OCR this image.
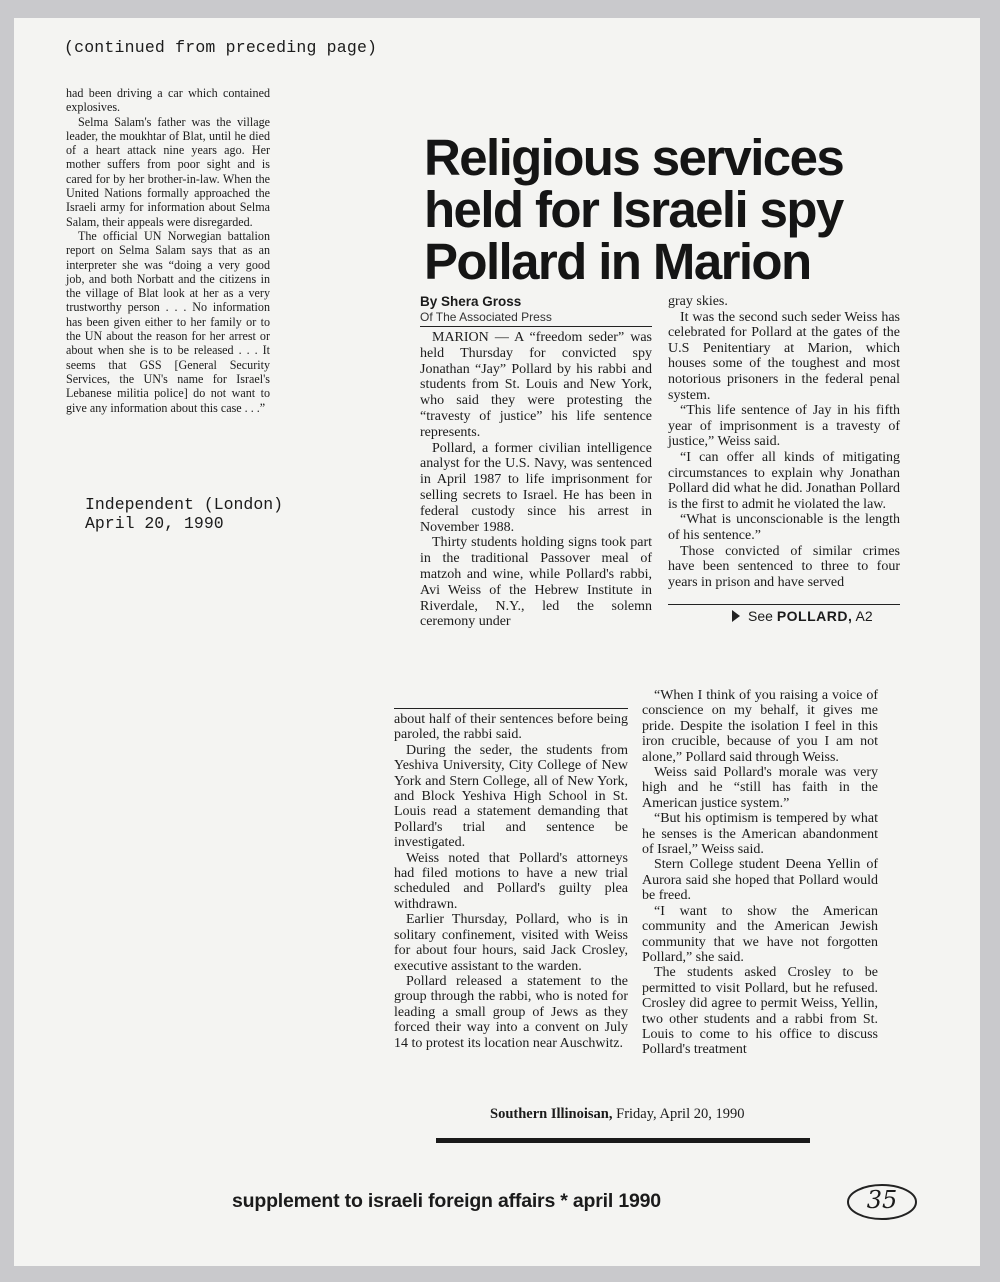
(continued from preceding page)

had been driving a car which contained explosives.

Selma Salam's father was the village leader, the moukhtar of Blat, until he died of a heart attack nine years ago. Her mother suffers from poor sight and is cared for by her brother-in-law. When the United Nations formally approached the Israeli army for information about Selma Salam, their appeals were disregarded.

The official UN Norwegian battalion report on Selma Salam says that as an interpreter she was “doing a very good job, and both Norbatt and the citizens in the village of Blat look at her as a very trustworthy person . . . No information has been given either to her family or to the UN about the reason for her arrest or about when she is to be released . . . It seems that GSS [General Security Services, the UN's name for Israel's Lebanese militia police] do not want to give any information about this case . . .”

Independent (London)
April 20, 1990
Religious services held for Israeli spy Pollard in Marion
By Shera Gross
Of The Associated Press

MARION — A “freedom seder” was held Thursday for convicted spy Jonathan “Jay” Pollard by his rabbi and students from St. Louis and New York, who said they were protesting the “travesty of justice” his life sentence represents.

Pollard, a former civilian intelligence analyst for the U.S. Navy, was sentenced in April 1987 to life imprisonment for selling secrets to Israel. He has been in federal custody since his arrest in November 1988.

Thirty students holding signs took part in the traditional Passover meal of matzoh and wine, while Pollard's rabbi, Avi Weiss of the Hebrew Institute in Riverdale, N.Y., led the solemn ceremony under

gray skies.

It was the second such seder Weiss has celebrated for Pollard at the gates of the U.S Penitentiary at Marion, which houses some of the toughest and most notorious prisoners in the federal penal system.

“This life sentence of Jay in his fifth year of imprisonment is a travesty of justice,” Weiss said.

“I can offer all kinds of mitigating circumstances to explain why Jonathan Pollard did what he did. Jonathan Pollard is the first to admit he violated the law.

“What is unconscionable is the length of his sentence.”

Those convicted of similar crimes have been sentenced to three to four years in prison and have served

See POLLARD, A2

about half of their sentences before being paroled, the rabbi said.

During the seder, the students from Yeshiva University, City College of New York and Stern College, all of New York, and Block Yeshiva High School in St. Louis read a statement demanding that Pollard's trial and sentence be investigated.

Weiss noted that Pollard's attorneys had filed motions to have a new trial scheduled and Pollard's guilty plea withdrawn.

Earlier Thursday, Pollard, who is in solitary confinement, visited with Weiss for about four hours, said Jack Crosley, executive assistant to the warden.

Pollard released a statement to the group through the rabbi, who is noted for leading a small group of Jews as they forced their way into a convent on July 14 to protest its location near Auschwitz.

“When I think of you raising a voice of conscience on my behalf, it gives me pride. Despite the isolation I feel in this iron crucible, because of you I am not alone,” Pollard said through Weiss.

Weiss said Pollard's morale was very high and he “still has faith in the American justice system.”

“But his optimism is tempered by what he senses is the American abandonment of Israel,” Weiss said.

Stern College student Deena Yellin of Aurora said she hoped that Pollard would be freed.

“I want to show the American community and the American Jewish community that we have not forgotten Pollard,” she said.

The students asked Crosley to be permitted to visit Pollard, but he refused. Crosley did agree to permit Weiss, Yellin, two other students and a rabbi from St. Louis to come to his office to discuss Pollard's treatment

Southern Illinoisan, Friday, April 20, 1990
supplement to israeli foreign affairs * april 1990	35
